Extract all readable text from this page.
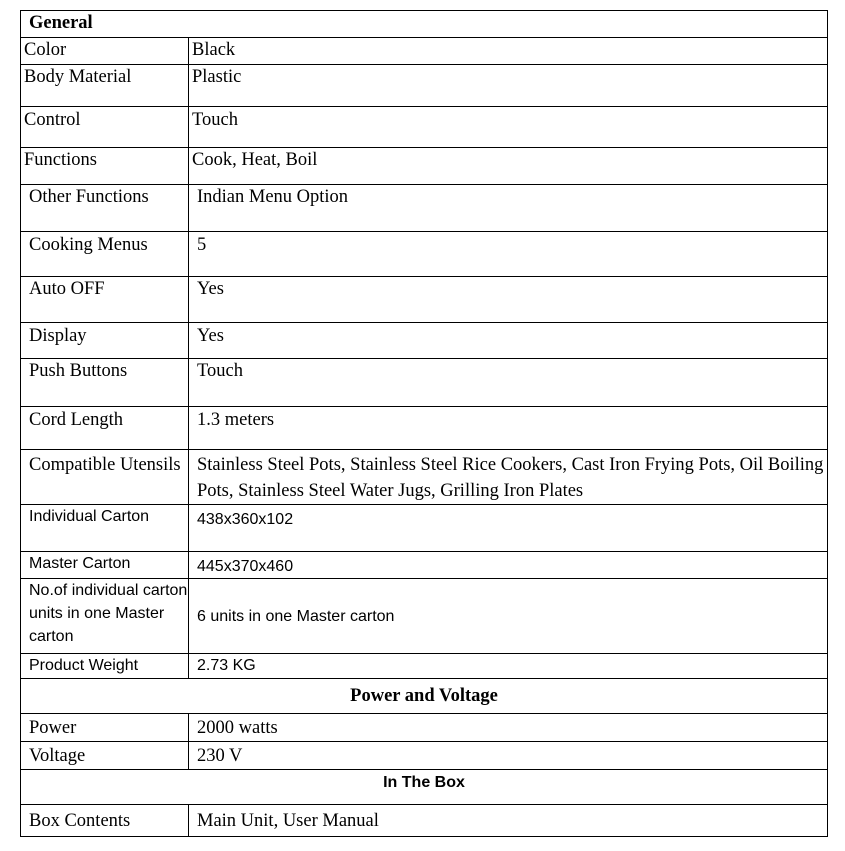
General	
Color	Black
Body Material	Plastic
Control	Touch
Functions	Cook, Heat, Boil
Other Functions	Indian Menu Option
Cooking Menus	5
Auto OFF	Yes
Display	Yes
Push Buttons	Touch
Cord Length	1.3 meters
Compatible Utensils	Stainless Steel Pots, Stainless Steel Rice Cookers, Cast Iron Frying Pots, Oil Boiling Pots, Stainless Steel Water Jugs, Grilling Iron Plates
Individual Carton	438x360x102
Master Carton	445x370x460
No.of individual carton units in one Master carton	6 units in one Master carton
Product Weight	2.73 KG
Power and Voltage	
Power	2000 watts
Voltage	230 V
In The Box	
Box Contents	Main Unit, User Manual
